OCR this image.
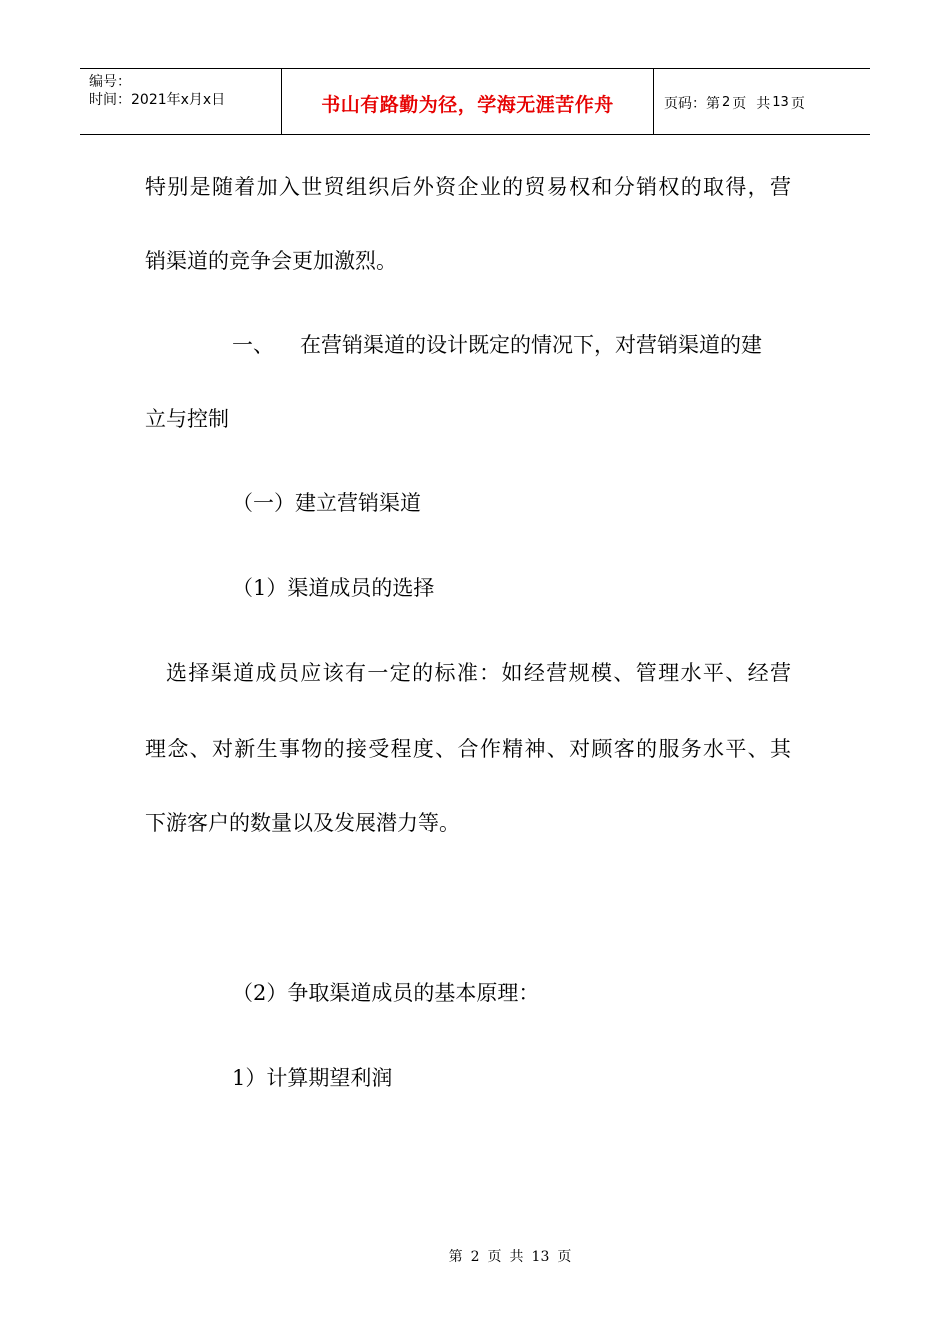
编号：
时间：2021年x月x日	书山有路勤为径，学海无涯苦作舟	页码：第 2 页 共 13 页
特别是随着加入世贸组织后外资企业的贸易权和分销权的取得，营
销渠道的竞争会更加激烈。
一、 在营销渠道的设计既定的情况下，对营销渠道的建
立与控制
（一）建立营销渠道
（1）渠道成员的选择
选择渠道成员应该有一定的标准：如经营规模、管理水平、经营
理念、对新生事物的接受程度、合作精神、对顾客的服务水平、其
下游客户的数量以及发展潜力等。
（2）争取渠道成员的基本原理：
1）计算期望利润
第 2 页 共 13 页
